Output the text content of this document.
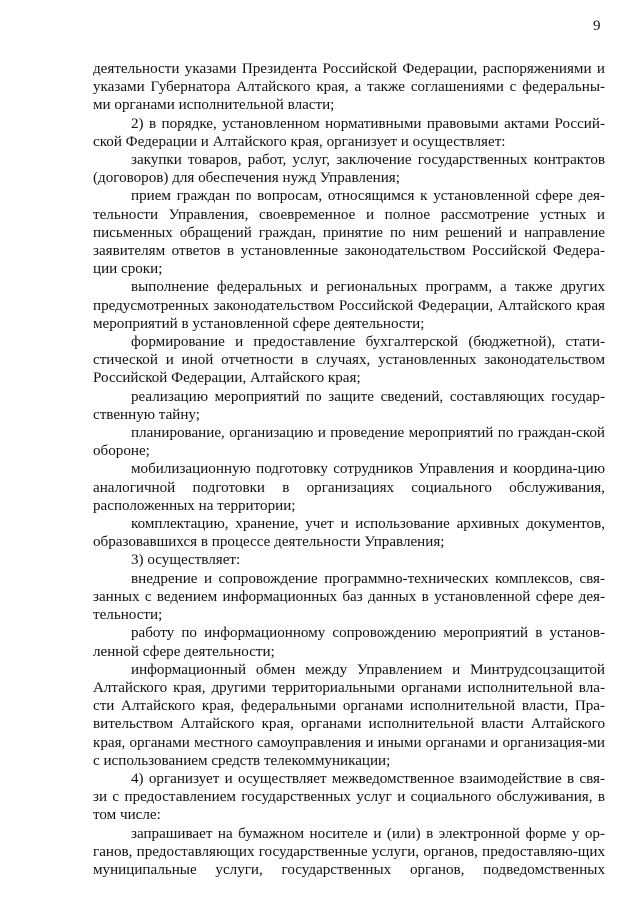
9

деятельности указами Президента Российской Федерации, распоряжениями и указами Губернатора Алтайского края, а также соглашениями с федеральны-ми органами исполнительной власти;

2) в порядке, установленном нормативными правовыми актами Россий-ской Федерации и Алтайского края, организует и осуществляет:

закупки товаров, работ, услуг, заключение государственных контрактов (договоров) для обеспечения нужд Управления;

прием граждан по вопросам, относящимся к установленной сфере дея-тельности Управления, своевременное и полное рассмотрение устных и письменных обращений граждан, принятие по ним решений и направление заявителям ответов в установленные законодательством Российской Федера-ции сроки;

выполнение федеральных и региональных программ, а также других предусмотренных законодательством Российской Федерации, Алтайского края мероприятий в установленной сфере деятельности;

формирование и предоставление бухгалтерской (бюджетной), стати-стической и иной отчетности в случаях, установленных законодательством Российской Федерации, Алтайского края;

реализацию мероприятий по защите сведений, составляющих государ-ственную тайну;

планирование, организацию и проведение мероприятий по граждан-ской обороне;

мобилизационную подготовку сотрудников Управления и координа-цию аналогичной подготовки в организациях социального обслуживания, расположенных на территории;

комплектацию, хранение, учет и использование архивных документов, образовавшихся в процессе деятельности Управления;

3) осуществляет:

внедрение и сопровождение программно-технических комплексов, свя-занных с ведением информационных баз данных в установленной сфере дея-тельности;

работу по информационному сопровождению мероприятий в установ-ленной сфере деятельности;

информационный обмен между Управлением и Минтрудсоцзащитой Алтайского края, другими территориальными органами исполнительной вла-сти Алтайского края, федеральными органами исполнительной власти, Пра-вительством Алтайского края, органами исполнительной власти Алтайского края, органами местного самоуправления и иными органами и организация-ми с использованием средств телекоммуникации;

4) организует и осуществляет межведомственное взаимодействие в свя-зи с предоставлением государственных услуг и социального обслуживания, в том числе:

запрашивает на бумажном носителе и (или) в электронной форме у ор-ганов, предоставляющих государственные услуги, органов, предоставляю-щих муниципальные услуги, государственных органов, подведомственных
